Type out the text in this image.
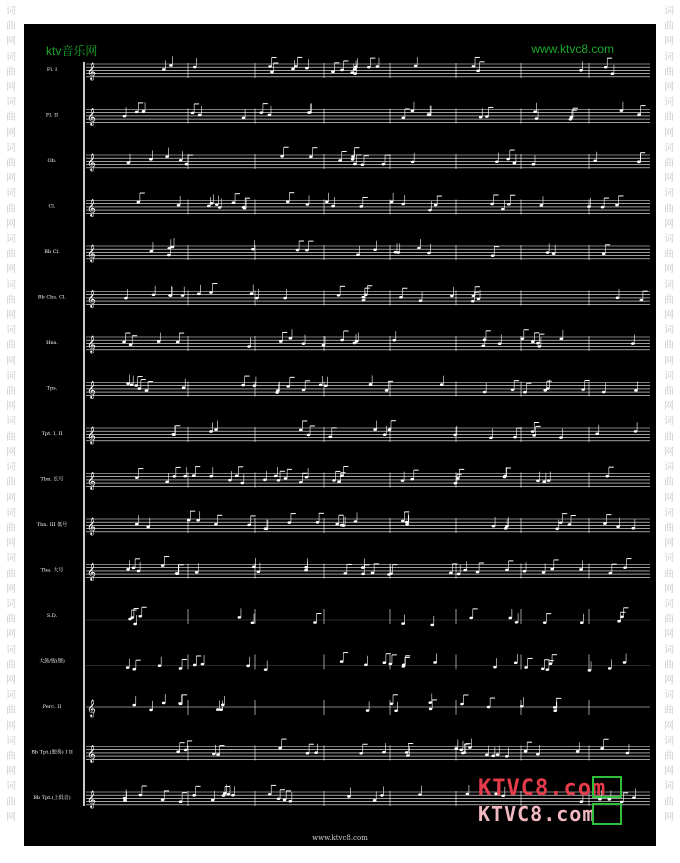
词
曲
网
词
曲
网
词
曲
网
词
曲
网
词
曲
网
词
曲
网
词
曲
网
词
曲
网
词
曲
网
词
曲
网
词
曲
网
词
曲
网
词
曲
网
词
曲
网
词
曲
网
词
曲
网
词
曲
网
词
曲
网
词
曲
网
词
曲
网
词
曲
网
词
曲
网
词
曲
网
词
曲
网
词
曲
网
词
曲
网
词
曲
网
词
曲
网
词
曲
网
词
曲
网
词
曲
网
词
曲
网
词
曲
网
词
曲
网
词
曲
网
词
曲
网
Fl. I 𝄞
Fl. II 𝄞
Ob. 𝄞
Cl. 𝄞
Bb Cl. 𝄞
Bb Cbs. Cl. 𝄞
Hns. 𝄞
Tps. 𝄞
Tpt. I, II 𝄞
Tbn. 长号 𝄞
Tbn. III 低号 𝄞
Tba. 大号 𝄞
S.D.
大鼓/钹(镲)
Perc. II 𝄞
Bb Tpt.(独奏) I II 𝄞
Bb Tpt.(上低音) 𝄞
ktv音乐网	www.ktvc8.com
KTVC8.com
KTVC8.com
www.ktvc8.com
